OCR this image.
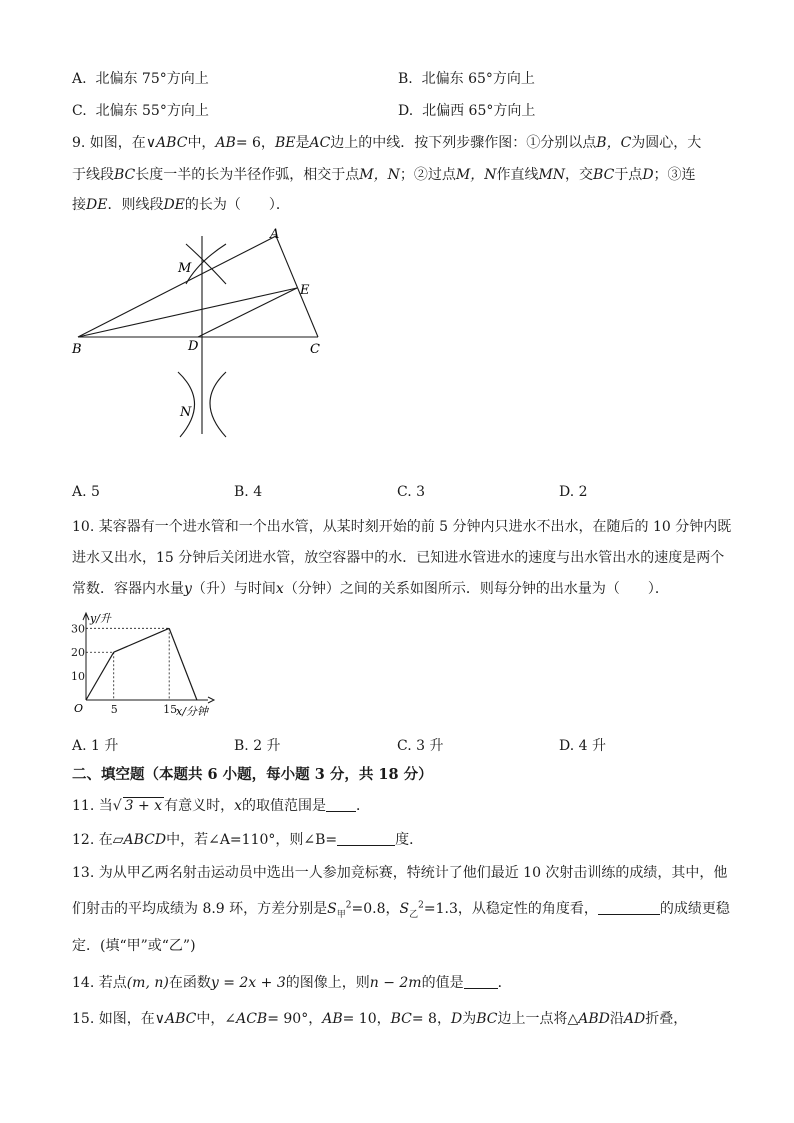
A. 北偏东 75°方向上	B. 北偏东 65°方向上
C. 北偏东 55°方向上	D. 北偏西 65°方向上
9. 如图，在∨ABC中，AB= 6，BE是AC边上的中线．按下列步骤作图：①分别以点B，C为圆心，大
于线段BC长度一半的长为半径作弧，相交于点M，N；②过点M，N作直线MN，交BC于点D；③连
接DE．则线段DE的长为（　　）．
A
M
E
B	D	C
N
A. 5	B. 4	C. 3	D. 2
10. 某容器有一个进水管和一个出水管，从某时刻开始的前 5 分钟内只进水不出水，在随后的 10 分钟内既
进水又出水，15 分钟后关闭进水管，放空容器中的水．已知进水管进水的速度与出水管出水的速度是两个
常数．容器内水量y（升）与时间x（分钟）之间的关系如图所示．则每分钟的出水量为（　　）．
10
20
30
5	15
y/升
x/分钟
O
A. 1 升	B. 2 升	C. 3 升	D. 4 升
二、填空题（本题共 6 小题，每小题 3 分，共 18 分）
11. 当√ 3 + x 有意义时，x的取值范围是 ．
12. 在▱ABCD中，若∠A=110°，则∠B=	度．
13. 为从甲乙两名射击运动员中选出一人参加竞标赛，特统计了他们最近 10 次射击训练的成绩，其中，他
们射击的平均成绩为 8.9 环，方差分别是$S_甲^2=0.8$，$S_乙^2=1.3$，从稳定性的角度看，	的成绩更稳
定．(填“甲”或“乙”)
14. 若点(m, n)在函数y = 2x + 3的图像上，则n − 2m的值是 ．
15. 如图，在∨ABC中，∠ACB= 90°，AB= 10，BC= 8，D为BC边上一点将△ABD沿AD折叠，
